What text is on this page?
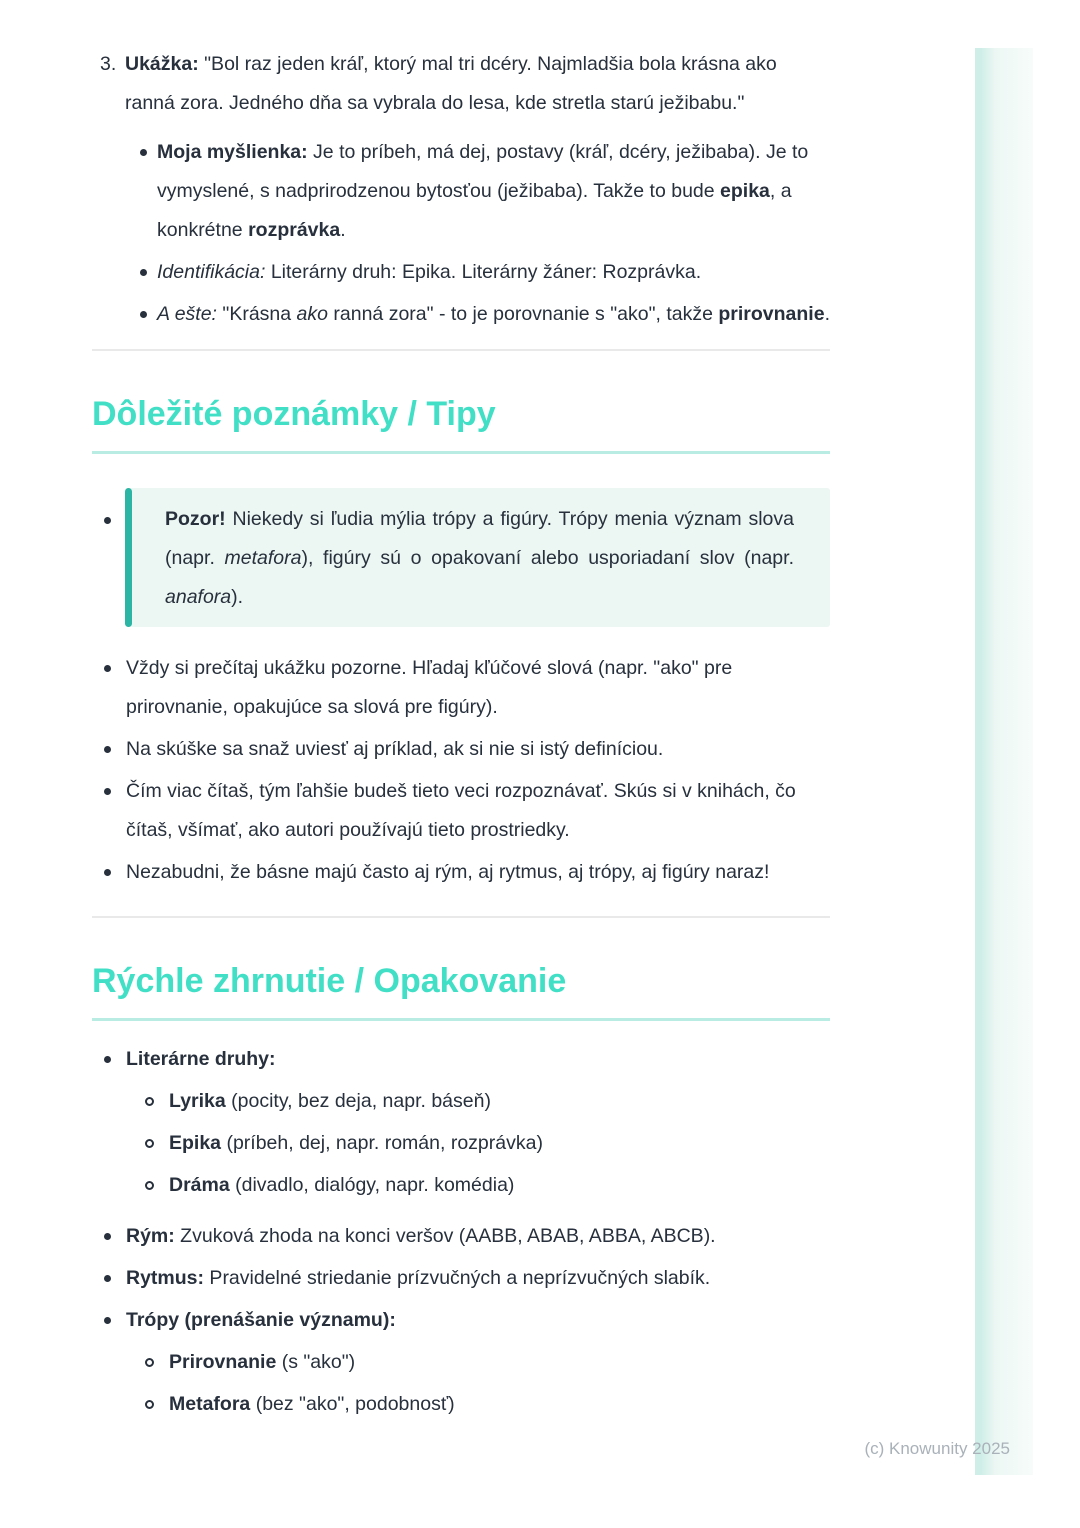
3. Ukážka: "Bol raz jeden kráľ, ktorý mal tri dcéry. Najmladšia bola krásna ako ranná zora. Jedného dňa sa vybrala do lesa, kde stretla starú ježibabu."

Moja myšlienka: Je to príbeh, má dej, postavy (kráľ, dcéry, ježibaba). Je to vymyslené, s nadprirodzenou bytosťou (ježibaba). Takže to bude epika, a konkrétne rozprávka.

Identifikácia: Literárny druh: Epika. Literárny žáner: Rozprávka.

A ešte: "Krásna ako ranná zora" - to je porovnanie s "ako", takže prirovnanie.

Dôležité poznámky / Tipy

Pozor! Niekedy si ľudia mýlia trópy a figúry. Trópy menia význam slova (napr. metafora), figúry sú o opakovaní alebo usporiadaní slov (napr. anafora).

Vždy si prečítaj ukážku pozorne. Hľadaj kľúčové slová (napr. "ako" pre prirovnanie, opakujúce sa slová pre figúry).

Na skúške sa snaž uviesť aj príklad, ak si nie si istý definíciou.

Čím viac čítaš, tým ľahšie budeš tieto veci rozpoznávať. Skús si v knihách, čo čítaš, všímať, ako autori používajú tieto prostriedky.

Nezabudni, že básne majú často aj rým, aj rytmus, aj trópy, aj figúry naraz!

Rýchle zhrnutie / Opakovanie

Literárne druhy:

Lyrika (pocity, bez deja, napr. báseň)

Epika (príbeh, dej, napr. román, rozprávka)

Dráma (divadlo, dialógy, napr. komédia)

Rým: Zvuková zhoda na konci veršov (AABB, ABAB, ABBA, ABCB).

Rytmus: Pravidelné striedanie prízvučných a neprízvučných slabík.

Trópy (prenášanie významu):

Prirovnanie (s "ako")

Metafora (bez "ako", podobnosť)

(c) Knowunity 2025
